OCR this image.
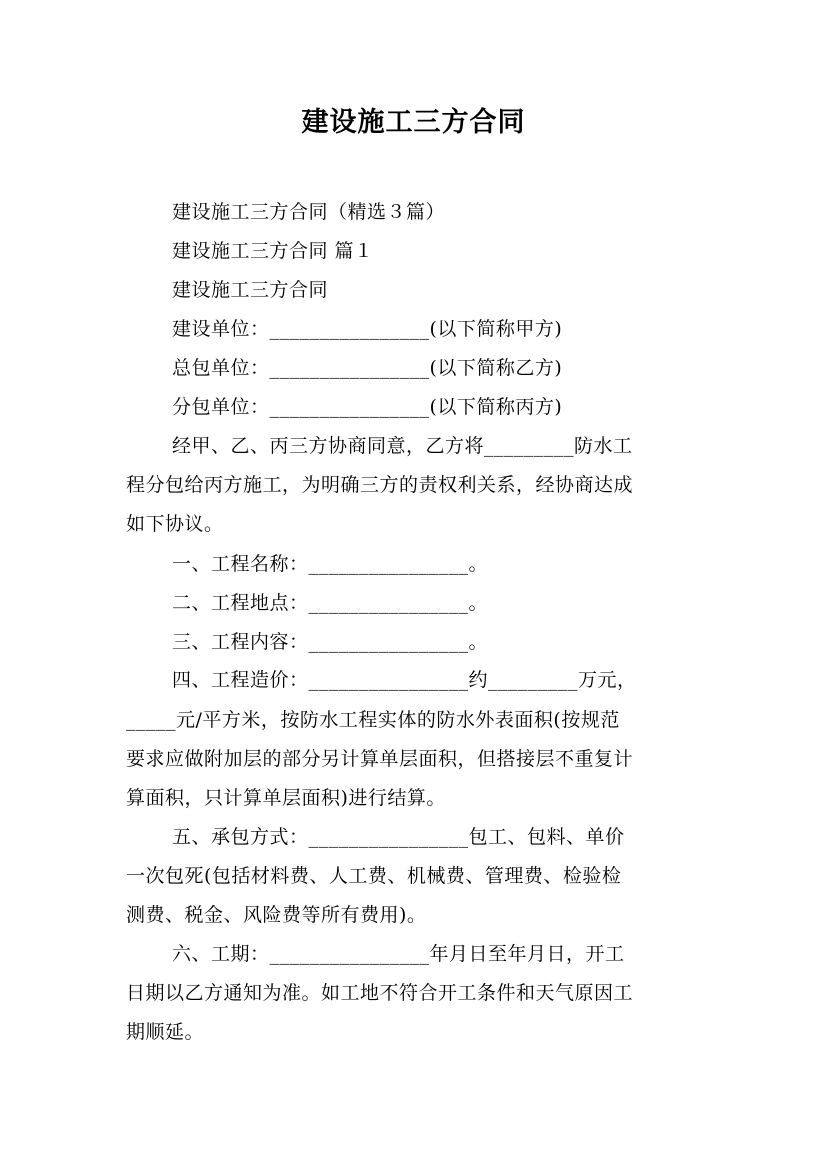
建设施工三方合同
建设施工三方合同（精选３篇）
建设施工三方合同 篇１
建设施工三方合同
建设单位：________________(以下简称甲方)
总包单位：________________(以下简称乙方)
分包单位：________________(以下简称丙方)
经甲、乙、丙三方协商同意，乙方将_________防水工
程分包给丙方施工，为明确三方的责权利关系，经协商达成
如下协议。
一、工程名称：________________。
二、工程地点：________________。
三、工程内容：________________。
四、工程造价：________________约_________万元，
_____元/平方米，按防水工程实体的防水外表面积(按规范
要求应做附加层的部分另计算单层面积，但搭接层不重复计
算面积，只计算单层面积)进行结算。
五、承包方式：________________包工、包料、单价
一次包死(包括材料费、人工费、机械费、管理费、检验检
测费、税金、风险费等所有费用)。
六、工期：________________年月日至年月日，开工
日期以乙方通知为准。如工地不符合开工条件和天气原因工
期顺延。
